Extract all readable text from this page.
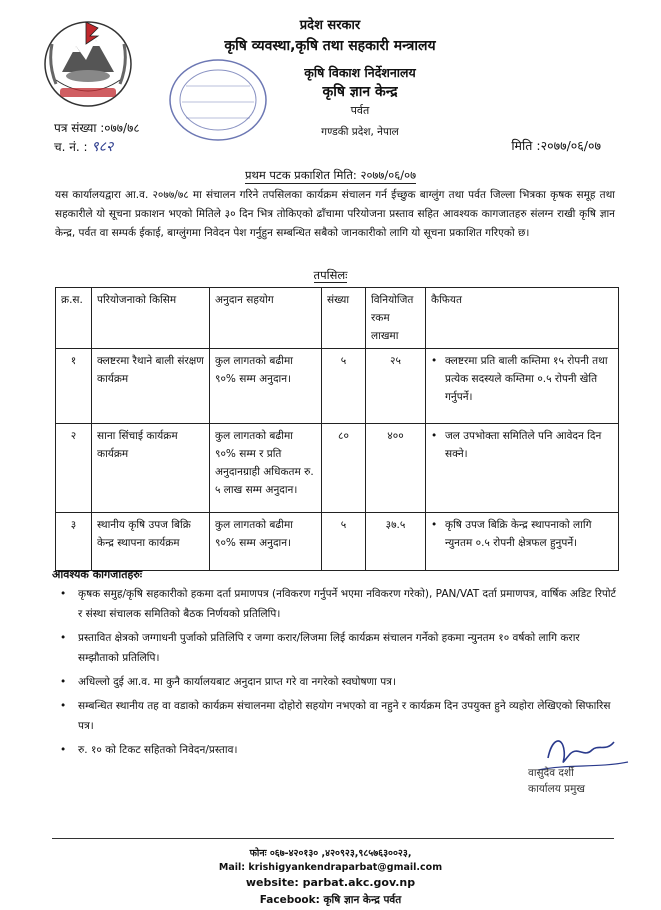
प्रदेश सरकार
कृषि व्यवस्था,कृषि तथा सहकारी मन्त्रालय
कृषि विकाश निर्देशनालय
कृषि ज्ञान केन्द्र
पर्वत
गण्डकी प्रदेश, नेपाल
पत्र संख्या :०७७/७८
च. नं. : ९८२	मिति :२०७७/०६/०७
प्रथम पटक प्रकाशित मिति: २०७७/०६/०७
यस कार्यालयद्वारा आ.व. २०७७/७८ मा संचालन गरिने तपसिलका कार्यक्रम संचालन गर्न ईच्छुक बाग्लुंग तथा पर्वत जिल्ला भित्रका कृषक समूह तथा सहकारीले यो सूचना प्रकाशन भएको मितिले ३० दिन भित्र तोकिएको ढाँचामा परियोजना प्रस्ताव सहित आवश्यक कागजातहरु संलग्न राखी कृषि ज्ञान केन्द्र, पर्वत वा सम्पर्क ईकाई, बाग्लुंगमा निवेदन पेश गर्नुहुन सम्बन्धित सबैको जानकारीको लागि यो सूचना प्रकाशित गरिएको छ।
तपसिलः
क्र.स.	परियोजनाको किसिम	अनुदान सहयोग	संख्या	विनियोजित रकम लाखमा	कैफियत
१	क्लष्टरमा रैथाने बाली संरक्षण कार्यक्रम	कुल लागतको बढीमा ९०% सम्म अनुदान।	५	२५	• क्लष्टरमा प्रति बाली कम्तिमा १५ रोपनी तथा प्रत्येक सदस्यले कम्तिमा ०.५ रोपनी खेति गर्नुपर्ने।

२	साना सिंचाई कार्यक्रम कार्यक्रम	कुल लागतको बढीमा ९०% सम्म र प्रति अनुदानग्राही अधिकतम रु. ५ लाख सम्म अनुदान।	८०	४००	• जल उपभोक्ता समितिले पनि आवेदन दिन सक्ने।

३	स्थानीय कृषि उपज बिक्रि केन्द्र स्थापना कार्यक्रम	कुल लागतको बढीमा ९०% सम्म अनुदान।	५	३७.५	• कृषि उपज बिक्रि केन्द्र स्थापनाको लागि न्युनतम ०.५ रोपनी क्षेत्रफल हुनुपर्ने।
आवश्यक कागजातहरुः
• कृषक समुह/कृषि सहकारीको हकमा दर्ता प्रमाणपत्र (नविकरण गर्नुपर्ने भएमा नविकरण गरेको), PAN/VAT दर्ता प्रमाणपत्र, वार्षिक अडिट रिपोर्ट र संस्था संचालक समितिको बैठक निर्णयको प्रतिलिपि।
• प्रस्तावित क्षेत्रको जग्गाधनी पुर्जाको प्रतिलिपि र जग्गा करार/लिजमा लिई कार्यक्रम संचालन गर्नेको हकमा न्युनतम १० वर्षको लागि करार सम्झौताको प्रतिलिपि।
• अधिल्लो दुई आ.व. मा कुनै कार्यालयबाट अनुदान प्राप्त गरे वा नगरेको स्वघोषणा पत्र।
• सम्बन्धित स्थानीय तह वा वडाको कार्यक्रम संचालनमा दोहोरो सहयोग नभएको वा नहुने र कार्यक्रम दिन उपयुक्त हुने व्यहोरा लेखिएको सिफारिस पत्र।
• रु. १० को टिकट सहितको निवेदन/प्रस्ताव।
वासुदेव दर्शी
कार्यालय प्रमुख
फोनः ०६७-४२०१३० ,४२०९२३,९८५७६३००२३,
Mail: krishigyankendraparbat@gmail.com
website: parbat.akc.gov.np
Facebook: कृषि ज्ञान केन्द्र पर्वत
